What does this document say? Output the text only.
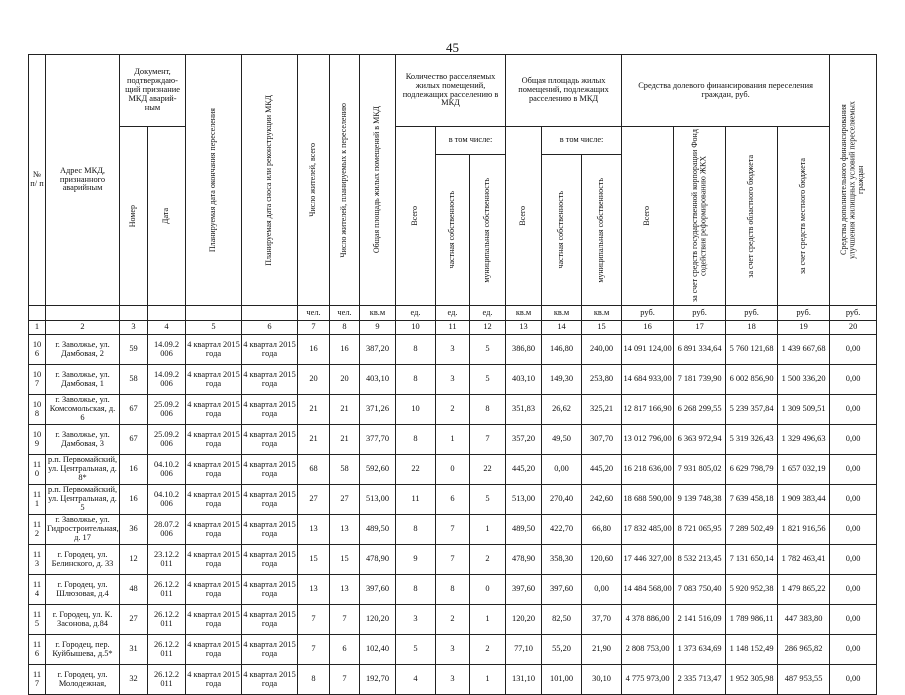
45
№ п/ п	Адрес МКД, признанного аварийным	Документ, подтверждаю-щий признание МКД аварий-ным		Планируемая дата окончания переселения	Планируемая дата сноса или реконструкции МКД	Число жителей, всего	Число жителей, планируемых к переселению	Общая площадь жилых помещений в МКД	Количество расселяемых жилых помещений, подлежащих расселению в МКД			Общая площадь жилых помещений, подлежащих расселению в МКД			Средства долевого финансирования переселения граждан, руб.				Средства дополнительного финансирования улучшения жилищных условий переселяемых граждан

		Номер	Дата						Всего	в том числе:		Всего	в том числе:		Всего	за счет средств государственной корпорации Фонд содействия реформированию ЖКХ	за счет средств областного бюджета	за счет средств местного бюджета	

										частная собственность	муниципальная собственность		частная собственность	муниципальная собственность					

						чел.	чел.	кв.м	ед.	ед.	ед.	кв.м	кв.м	кв.м	руб.	руб.	руб.	руб.	руб.
1	2	3	4	5	6	7	8	9	10	11	12	13	14	15	16	17	18	19	20
10 6	г. Заволжье, ул. Дамбовая, 2	59	14.09.2 006	4 квартал 2015 года	4 квартал 2015 года	16	16	387,20	8	3	5	386,80	146,80	240,00	14 091 124,00	6 891 334,64	5 760 121,68	1 439 667,68	0,00
10 7	г. Заволжье, ул. Дамбовая, 1	58	14.09.2 006	4 квартал 2015 года	4 квартал 2015 года	20	20	403,10	8	3	5	403,10	149,30	253,80	14 684 933,00	7 181 739,90	6 002 856,90	1 500 336,20	0,00
10 8	г. Заволжье, ул. Комсомольская, д. 6	67	25.09.2 006	4 квартал 2015 года	4 квартал 2015 года	21	21	371,26	10	2	8	351,83	26,62	325,21	12 817 166,90	6 268 299,55	5 239 357,84	1 309 509,51	0,00
10 9	г. Заволжье, ул. Дамбовая, 3	67	25.09.2 006	4 квартал 2015 года	4 квартал 2015 года	21	21	377,70	8	1	7	357,20	49,50	307,70	13 012 796,00	6 363 972,94	5 319 326,43	1 329 496,63	0,00
11 0	р.п. Первомайский, ул. Центральная, д. 8*	16	04.10.2 006	4 квартал 2015 года	4 квартал 2015 года	68	58	592,60	22	0	22	445,20	0,00	445,20	16 218 636,00	7 931 805,02	6 629 798,79	1 657 032,19	0,00
11 1	р.п. Первомайский, ул. Центральная, д. 5	16	04.10.2 006	4 квартал 2015 года	4 квартал 2015 года	27	27	513,00	11	6	5	513,00	270,40	242,60	18 688 590,00	9 139 748,38	7 639 458,18	1 909 383,44	0,00
11 2	г. Заволжье, ул. Гидростроительная, д. 17	36	28.07.2 006	4 квартал 2015 года	4 квартал 2015 года	13	13	489,50	8	7	1	489,50	422,70	66,80	17 832 485,00	8 721 065,95	7 289 502,49	1 821 916,56	0,00
11 3	г. Городец, ул. Белинского, д. 33	12	23.12.2 011	4 квартал 2015 года	4 квартал 2015 года	15	15	478,90	9	7	2	478,90	358,30	120,60	17 446 327,00	8 532 213,45	7 131 650,14	1 782 463,41	0,00
11 4	г. Городец, ул. Шлюзовая, д.4	48	26.12.2 011	4 квартал 2015 года	4 квартал 2015 года	13	13	397,60	8	8	0	397,60	397,60	0,00	14 484 568,00	7 083 750,40	5 920 952,38	1 479 865,22	0,00
11 5	г. Городец, ул. К. Засонова, д.84	27	26.12.2 011	4 квартал 2015 года	4 квартал 2015 года	7	7	120,20	3	2	1	120,20	82,50	37,70	4 378 886,00	2 141 516,09	1 789 986,11	447 383,80	0,00
11 6	г. Городец, пер. Куйбышева, д.5*	31	26.12.2 011	4 квартал 2015 года	4 квартал 2015 года	7	6	102,40	5	3	2	77,10	55,20	21,90	2 808 753,00	1 373 634,69	1 148 152,49	286 965,82	0,00
11 7	г. Городец, ул. Молодежная,	32	26.12.2 011	4 квартал 2015 года	4 квартал 2015 года	8	7	192,70	4	3	1	131,10	101,00	30,10	4 775 973,00	2 335 713,47	1 952 305,98	487 953,55	0,00
